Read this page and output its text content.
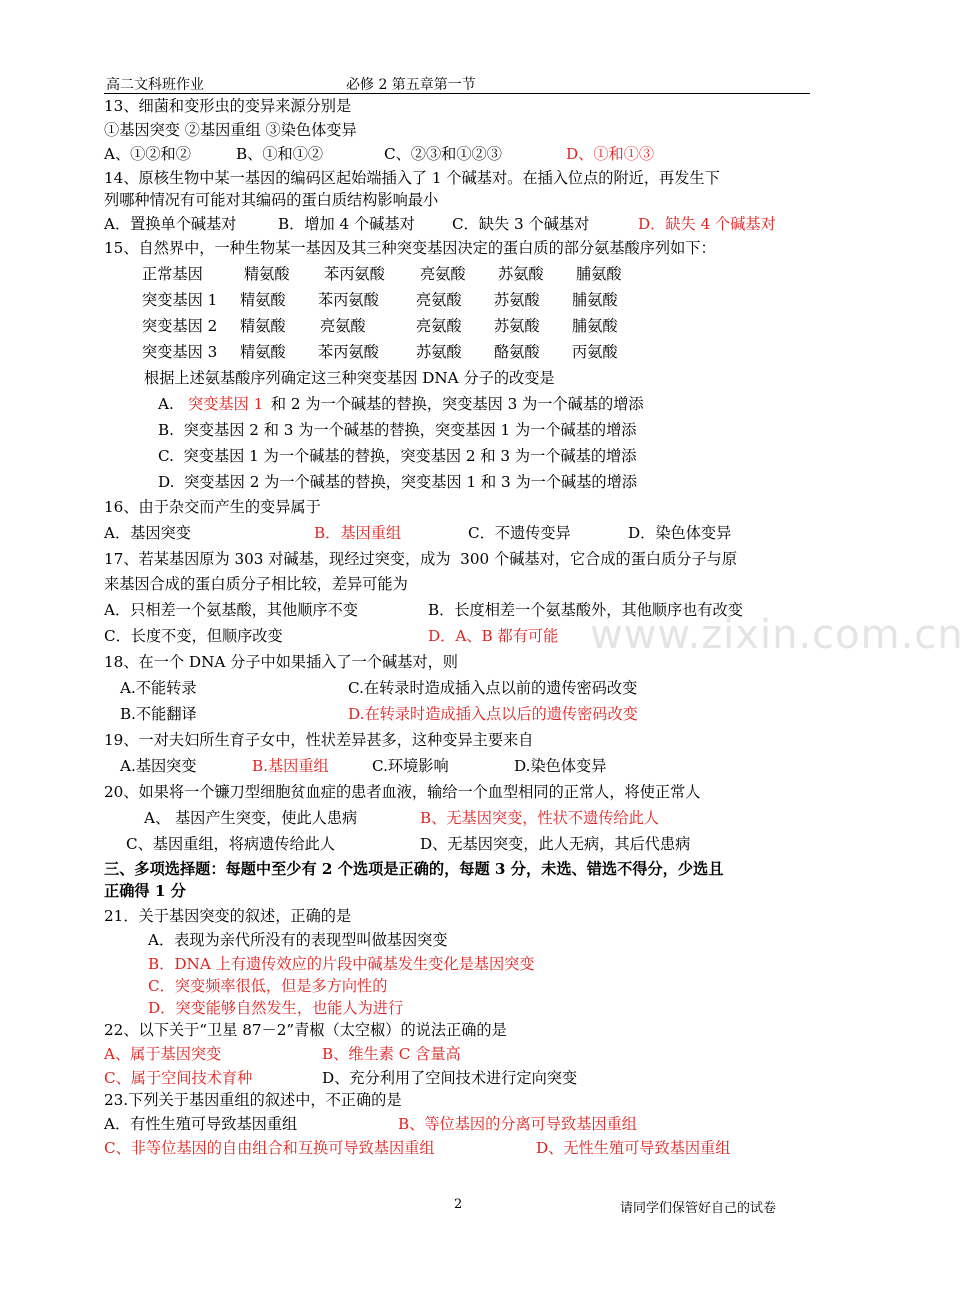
www.zixin.com.cn
高二文科班作业	必修 2 第五章第一节
13、细菌和变形虫的变异来源分别是
①基因突变 ②基因重组 ③染色体变异
A、①②和②	B、①和①②	C、②③和①②③	D、①和①③
14、原核生物中某一基因的编码区起始端插入了 1 个碱基对。在插入位点的附近，再发生下
列哪种情况有可能对其编码的蛋白质结构影响最小
A．置换单个碱基对	B．增加 4 个碱基对 C．缺失 3 个碱基对	D．缺失 4 个碱基对
15、自然界中，一种生物某一基因及其三种突变基因决定的蛋白质的部分氨基酸序列如下：
正常基因	精氨酸 苯丙氨酸 亮氨酸 苏氨酸 脯氨酸
突变基因 1 精氨酸 苯丙氨酸 亮氨酸 苏氨酸 脯氨酸
突变基因 2 精氨酸 亮氨酸	亮氨酸 苏氨酸 脯氨酸
突变基因 3 精氨酸 苯丙氨酸 苏氨酸 酪氨酸 丙氨酸
根据上述氨基酸序列确定这三种突变基因 DNA 分子的改变是
A. 突变基因 1 和 2 为一个碱基的替换，突变基因 3 为一个碱基的增添
B.  突变基因 2 和 3 为一个碱基的替换，突变基因 1 为一个碱基的增添
C.  突变基因 1 为一个碱基的替换，突变基因 2 和 3 为一个碱基的增添
D.  突变基因 2 为一个碱基的替换，突变基因 1 和 3 为一个碱基的增添
16、由于杂交而产生的变异属于
A．基因突变	B．基因重组	C．不遗传变异	D．染色体变异
17、若某基因原为 303 对碱基，现经过突变，成为  300 个碱基对，它合成的蛋白质分子与原
来基因合成的蛋白质分子相比较，差异可能为
A．只相差一个氨基酸，其他顺序不变	B．长度相差一个氨基酸外，其他顺序也有改变
C．长度不变，但顺序改变	D．A、B 都有可能
18、在一个 DNA 分子中如果插入了一个碱基对，则
A.不能转录	C.在转录时造成插入点以前的遗传密码改变
B.不能翻译	D.在转录时造成插入点以后的遗传密码改变
19、一对夫妇所生育子女中，性状差异甚多，这种变异主要来自
A.基因突变	B.基因重组	C.环境影响	D.染色体变异
20、如果将一个镰刀型细胞贫血症的患者血液，输给一个血型相同的正常人，将使正常人
A、 基因产生突变，使此人患病	B、无基因突变，性状不遗传给此人
C、基因重组，将病遗传给此人	D、无基因突变，此人无病，其后代患病
三、多项选择题：每题中至少有 2 个选项是正确的，每题 3 分，未选、错选不得分，少选且
正确得 1 分
21．关于基因突变的叙述，正确的是
A．表现为亲代所没有的表现型叫做基因突变
B．DNA 上有遗传效应的片段中碱基发生变化是基因突变
C．突变频率很低，但是多方向性的
D．突变能够自然发生，也能人为进行
22、以下关于“卫星 87－2”青椒（太空椒）的说法正确的是
A、属于基因突变	B、维生素 C 含量高
C、属于空间技术育种	D、充分利用了空间技术进行定向突变
23.下列关于基因重组的叙述中，不正确的是
A．有性生殖可导致基因重组	B、等位基因的分离可导致基因重组
C、非等位基因的自由组合和互换可导致基因重组	D、无性生殖可导致基因重组
2	请同学们保管好自己的试卷
